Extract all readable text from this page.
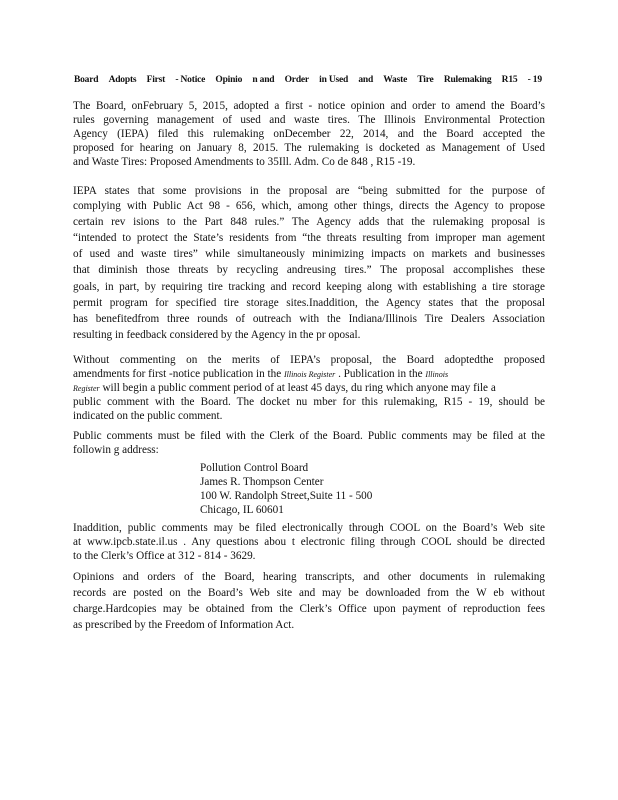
Board Adopts First - Notice Opinio n and Order in Used and Waste Tire Rulemaking R15 - 19
The Board, onFebruary 5, 2015, adopted a first - notice opinion and order to amend the Board’s
rules governing management of used and waste tires. The Illinois Environmental Protection
Agency (IEPA) filed this rulemaking onDecember 22, 2014, and the Board accepted the
proposed for hearing on January 8, 2015. The rulemaking is docketed as Management of Used
and Waste Tires: Proposed Amendments to 35Ill. Adm. Co de 848 , R15 -19.
IEPA states that some provisions in the proposal are “being submitted for the purpose of
complying with Public Act 98 - 656, which, among other things, directs the Agency to propose
certain rev isions to the Part 848 rules.” The Agency adds that the rulemaking proposal is
“intended to protect the State’s residents from “the threats resulting from improper man agement
of used and waste tires” while simultaneously minimizing impacts on markets and businesses
that diminish those threats by recycling andreusing tires.” The proposal accomplishes these
goals, in part, by requiring tire tracking and record keeping along with establishing a tire storage
permit program for specified tire storage sites.Inaddition, the Agency states that the proposal
has benefitedfrom three rounds of outreach with the Indiana/Illinois Tire Dealers Association
resulting in feedback considered by the Agency in the pr oposal.
Without commenting on the merits of IEPA’s proposal, the Board adoptedthe proposed
amendments for first -notice publication in the Illinois Register . Publication in the Illinois
Register will begin a public comment period of at least 45 days, du ring which anyone may file a
public comment with the Board. The docket nu mber for this rulemaking, R15 - 19, should be
indicated on the public comment.
Public comments must be filed with the Clerk of the Board. Public comments may be filed at the
followin g address:
Pollution Control Board
James R. Thompson Center
100 W. Randolph Street,Suite 11 - 500
Chicago, IL 60601
Inaddition, public comments may be filed electronically through COOL on the Board’s Web site
at www.ipcb.state.il.us . Any questions abou t electronic filing through COOL should be directed
to the Clerk’s Office at 312 - 814 - 3629.
Opinions and orders of the Board, hearing transcripts, and other documents in rulemaking
records are posted on the Board’s Web site and may be downloaded from the W eb without
charge.Hardcopies may be obtained from the Clerk’s Office upon payment of reproduction fees
as prescribed by the Freedom of Information Act.
